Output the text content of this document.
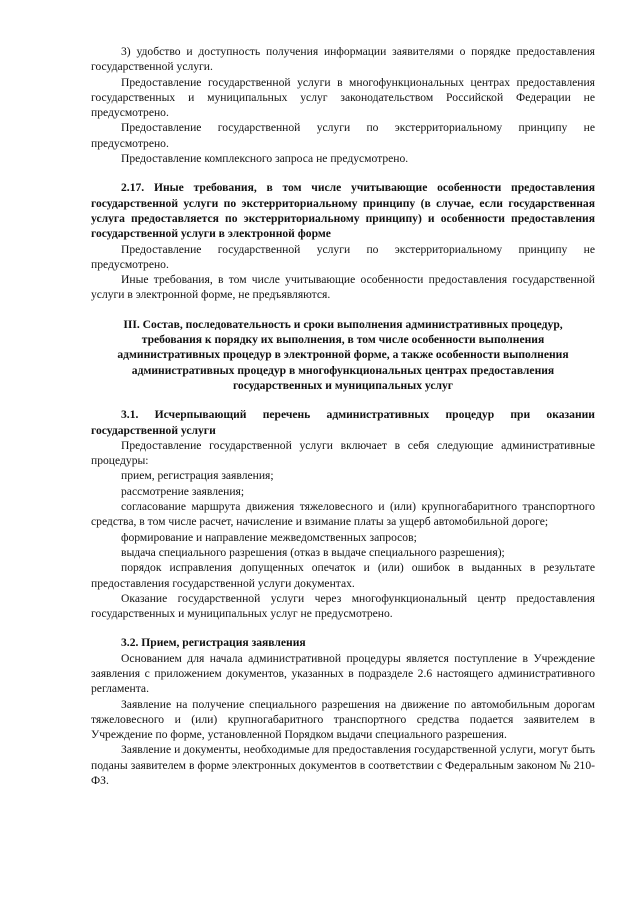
3) удобство и доступность получения информации заявителями о порядке предоставления государственной услуги.

Предоставление государственной услуги в многофункциональных центрах предоставления государственных и муниципальных услуг законодательством Российской Федерации не предусмотрено.

Предоставление государственной услуги по экстерриториальному принципу не предусмотрено.

Предоставление комплексного запроса не предусмотрено.

2.17. Иные требования, в том числе учитывающие особенности предоставления государственной услуги по экстерриториальному принципу (в случае, если государственная услуга предоставляется по экстерриториальному принципу) и особенности предоставления государственной услуги в электронной форме

Предоставление государственной услуги по экстерриториальному принципу не предусмотрено.

Иные требования, в том числе учитывающие особенности предоставления государственной услуги в электронной форме, не предъявляются.

III. Состав, последовательность и сроки выполнения административных процедур, требования к порядку их выполнения, в том числе особенности выполнения административных процедур в электронной форме, а также особенности выполнения административных процедур в многофункциональных центрах предоставления государственных и муниципальных услуг

3.1. Исчерпывающий перечень административных процедур при оказании государственной услуги

Предоставление государственной услуги включает в себя следующие административные процедуры:

прием, регистрация заявления;

рассмотрение заявления;

согласование маршрута движения тяжеловесного и (или) крупногабаритного транспортного средства, в том числе расчет, начисление и взимание платы за ущерб автомобильной дороге;

формирование и направление межведомственных запросов;

выдача специального разрешения (отказ в выдаче специального разрешения);

порядок исправления допущенных опечаток и (или) ошибок в выданных в результате предоставления государственной услуги документах.

Оказание государственной услуги через многофункциональный центр предоставления государственных и муниципальных услуг не предусмотрено.

3.2. Прием, регистрация заявления

Основанием для начала административной процедуры является поступление в Учреждение заявления с приложением документов, указанных в подразделе 2.6 настоящего административного регламента.

Заявление на получение специального разрешения на движение по автомобильным дорогам тяжеловесного и (или) крупногабаритного транспортного средства подается заявителем в Учреждение по форме, установленной Порядком выдачи специального разрешения.

Заявление и документы, необходимые для предоставления государственной услуги, могут быть поданы заявителем в форме электронных документов в соответствии с Федеральным законом № 210-ФЗ.
